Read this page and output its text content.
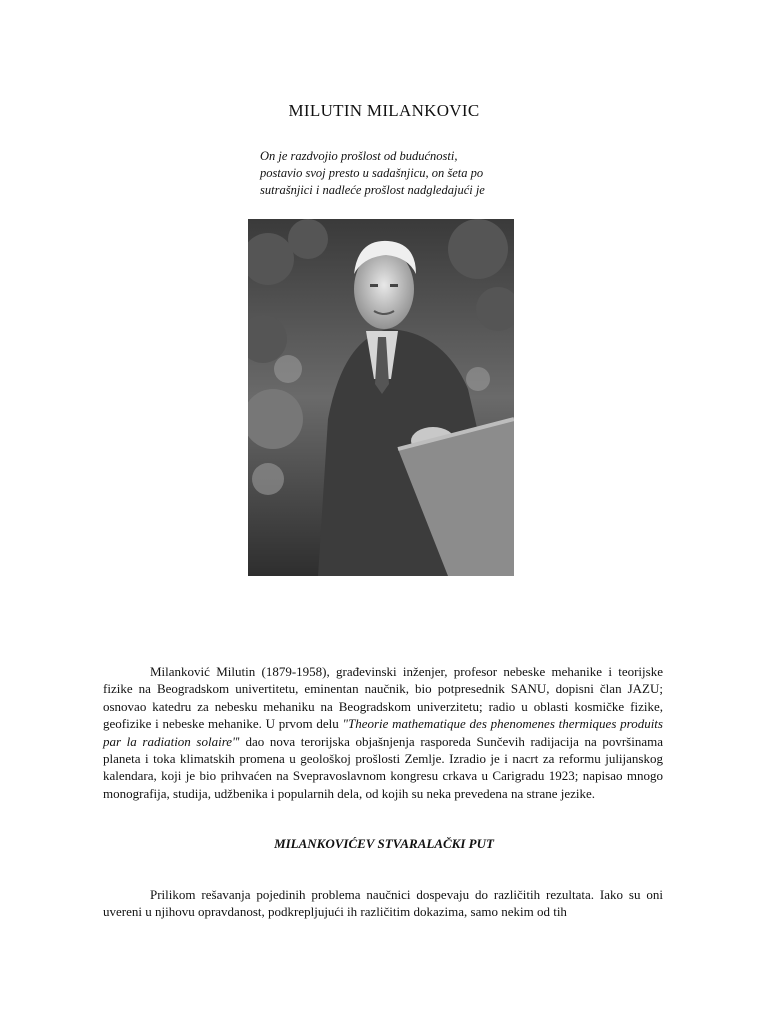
MILUTIN MILANKOVIC
On je razdvojio prošlost od budućnosti,
postavio svoj presto u sadašnjicu, on šeta po
sutrašnjici i nadleće prošlost nadgledajući je
Milanković Milutin (1879-1958), građevinski inženjer, profesor nebeske mehanike i teorijske fizike na Beogradskom univertitetu, eminentan naučnik, bio potpresednik SANU, dopisni član JAZU; osnovao katedru za nebesku mehaniku na Beogradskom univerzitetu; radio u oblasti kosmičke fizike, geofizike i nebeske mehanike. U prvom delu "Theorie mathematique des phenomenes thermiques produits par la radiation solaire"' dao nova terorijska objašnjenja rasporeda Sunčevih radijacija na površinama planeta i toka klimatskih promena u geološkoj prošlosti Zemlje. Izradio je i nacrt za reformu julijanskog kalendara, koji je bio prihvaćen na Svepravoslavnom kongresu crkava u Carigradu 1923; napisao mnogo monografija, studija, udžbenika i popularnih dela, od kojih su neka prevedena na strane jezike.
MILANKOVIĆEV STVARALAČKI PUT
Prilikom rešavanja pojedinih problema naučnici dospevaju do različitih rezultata. Iako su oni uvereni u njihovu opravdanost, podkrepljujući ih različitim dokazima, samo nekim od tih
